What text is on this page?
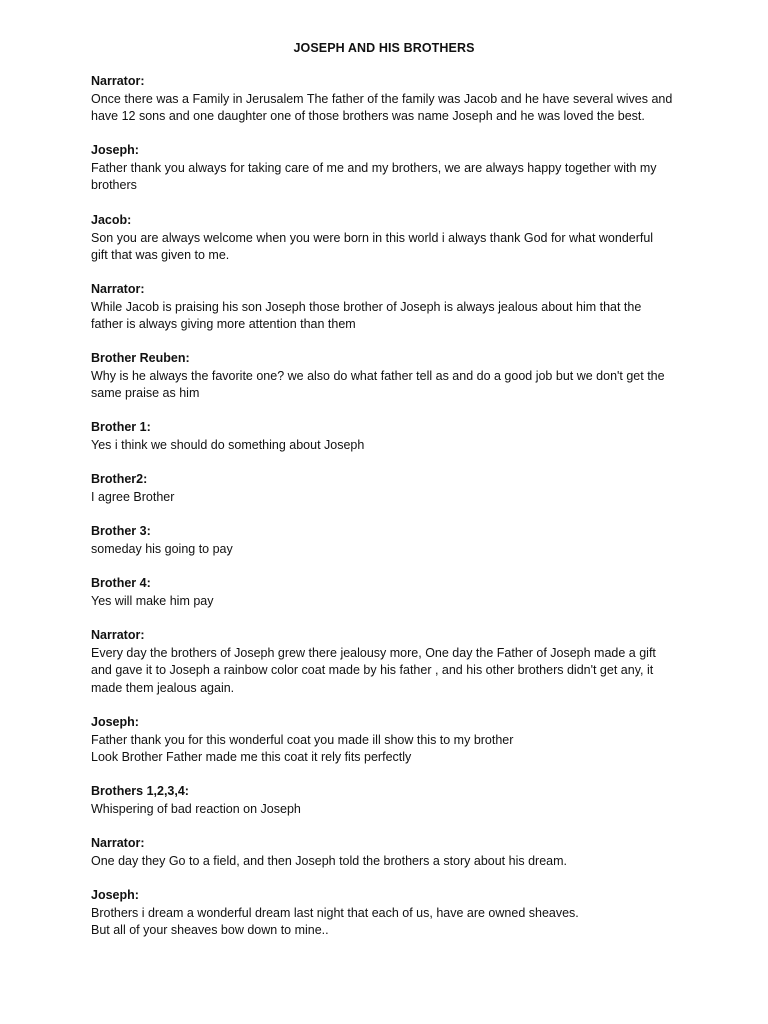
JOSEPH AND HIS BROTHERS
Narrator:
Once there was a Family in Jerusalem The father of the family was Jacob and he have several wives and
have 12 sons and one daughter one of those brothers was name Joseph and he was loved the best.
Joseph:
Father thank you always for taking care of me and my brothers, we are always happy together with my
brothers
Jacob:
Son you are always welcome when you were born in this world i always thank God for what wonderful
gift that was given to me.
Narrator:
While Jacob is praising his son Joseph those brother of Joseph is always jealous about him that the
father is always giving more attention than them
Brother Reuben:
Why is he always the favorite one? we also do what father tell as and do a good job but we don't get the
same praise as him
Brother 1:
Yes i think we should do something about Joseph
Brother2:
I agree Brother
Brother 3:
someday his going to pay
Brother 4:
Yes will make him pay
Narrator:
Every day the brothers of Joseph grew there jealousy more, One day the Father of Joseph made a gift
and gave it to Joseph a rainbow color coat made by his father , and his other brothers didn't get any, it
made them jealous again.
Joseph:
Father thank you for this wonderful coat you made ill show this to my brother
Look Brother Father made me this coat it rely fits perfectly
Brothers 1,2,3,4:
Whispering of bad reaction on Joseph
Narrator:
One day they Go to a field, and then Joseph told the brothers a story about his dream.
Joseph:
Brothers i dream a wonderful dream last night that each of us, have are owned sheaves.
But all of your sheaves bow down to mine..
